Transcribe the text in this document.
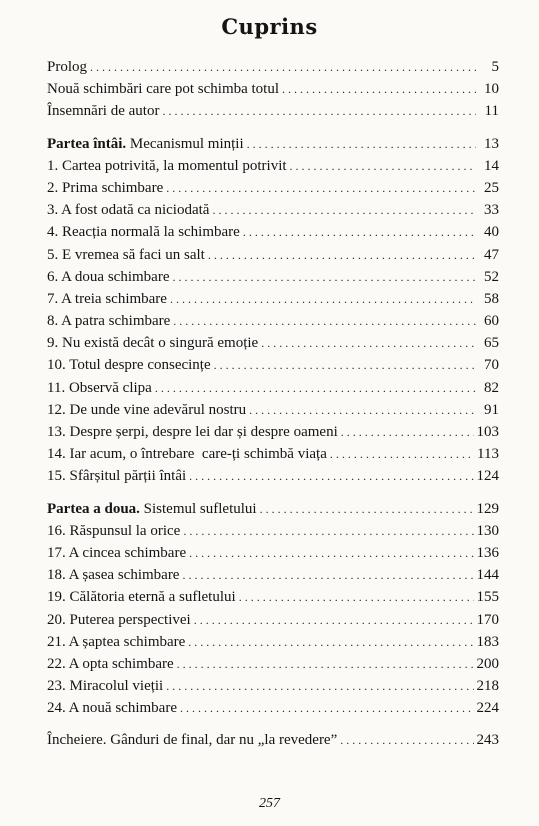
Cuprins
Prolog . . .	5
Nouă schimbări care pot schimba totul . . .	10
Însemnări de autor . . .	11
Partea întâi. Mecanismul minții . . .	13
1. Cartea potrivită, la momentul potrivit . . .	14
2. Prima schimbare . . .	25
3. A fost odată ca niciodată . . .	33
4. Reacția normală la schimbare . . .	40
5. E vremea să faci un salt . . .	47
6. A doua schimbare . . .	52
7. A treia schimbare . . .	58
8. A patra schimbare . . .	60
9. Nu există decât o singură emoție . . .	65
10. Totul despre consecințe . . .	70
11. Observă clipa . . .	82
12. De unde vine adevărul nostru . . .	91
13. Despre șerpi, despre lei dar și despre oameni . . .	103
14. Iar acum, o întrebare  care-ți schimbă viața . . .	113
15. Sfârșitul părții întâi . . .	124
Partea a doua. Sistemul sufletului . . .	129
16. Răspunsul la orice . . .	130
17. A cincea schimbare . . .	136
18. A șasea schimbare . . .	144
19. Călătoria eternă a sufletului . . .	155
20. Puterea perspectivei . . .	170
21. A șaptea schimbare . . .	183
22. A opta schimbare . . .	200
23. Miracolul vieții . . .	218
24. A nouă schimbare . . .	224
Încheiere. Gânduri de final, dar nu „la revedere” . . .	243
257
